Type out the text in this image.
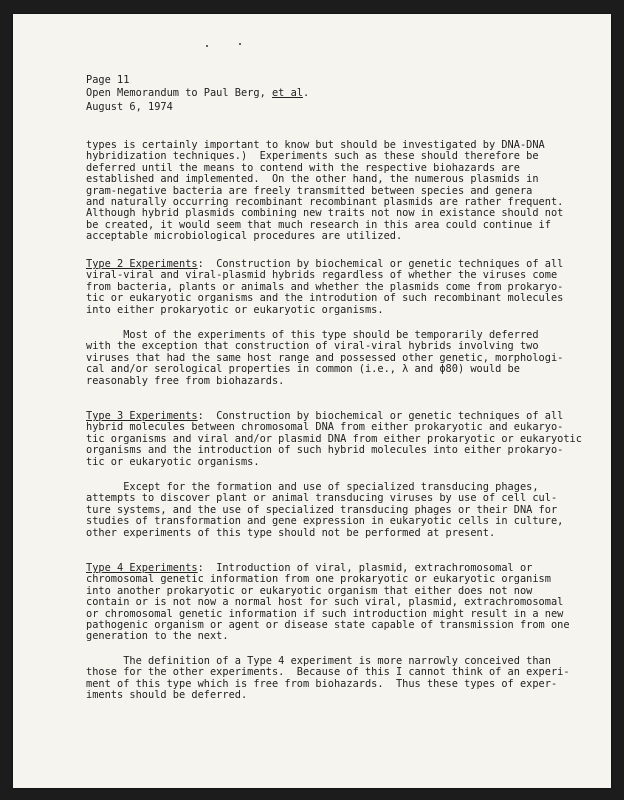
Page 11
Open Memorandum to Paul Berg, et al.
August 6, 1974
types is certainly important to know but should be investigated by DNA-DNA
hybridization techniques.)  Experiments such as these should therefore be
deferred until the means to contend with the respective biohazards are
established and implemented.  On the other hand, the numerous plasmids in
gram-negative bacteria are freely transmitted between species and genera
and naturally occurring recombinant recombinant plasmids are rather frequent.
Although hybrid plasmids combining new traits not now in existance should not
be created, it would seem that much research in this area could continue if
acceptable microbiological procedures are utilized.
Type 2 Experiments:  Construction by biochemical or genetic techniques of all
viral-viral and viral-plasmid hybrids regardless of whether the viruses come
from bacteria, plants or animals and whether the plasmids come from prokaryo-
tic or eukaryotic organisms and the introdution of such recombinant molecules
into either prokaryotic or eukaryotic organisms.
Most of the experiments of this type should be temporarily deferred
with the exception that construction of viral-viral hybrids involving two
viruses that had the same host range and possessed other genetic, morphologi-
cal and/or serological properties in common (i.e., λ and ϕ80) would be
reasonably free from biohazards.
Type 3 Experiments:  Construction by biochemical or genetic techniques of all
hybrid molecules between chromosomal DNA from either prokaryotic and eukaryo-
tic organisms and viral and/or plasmid DNA from either prokaryotic or eukaryotic
organisms and the introduction of such hybrid molecules into either prokaryo-
tic or eukaryotic organisms.
Except for the formation and use of specialized transducing phages,
attempts to discover plant or animal transducing viruses by use of cell cul-
ture systems, and the use of specialized transducing phages or their DNA for
studies of transformation and gene expression in eukaryotic cells in culture,
other experiments of this type should not be performed at present.
Type 4 Experiments:  Introduction of viral, plasmid, extrachromosomal or
chromosomal genetic information from one prokaryotic or eukaryotic organism
into another prokaryotic or eukaryotic organism that either does not now
contain or is not now a normal host for such viral, plasmid, extrachromosomal
or chromosomal genetic information if such introduction might result in a new
pathogenic organism or agent or disease state capable of transmission from one
generation to the next.
The definition of a Type 4 experiment is more narrowly conceived than
those for the other experiments.  Because of this I cannot think of an experi-
ment of this type which is free from biohazards.  Thus these types of exper-
iments should be deferred.
